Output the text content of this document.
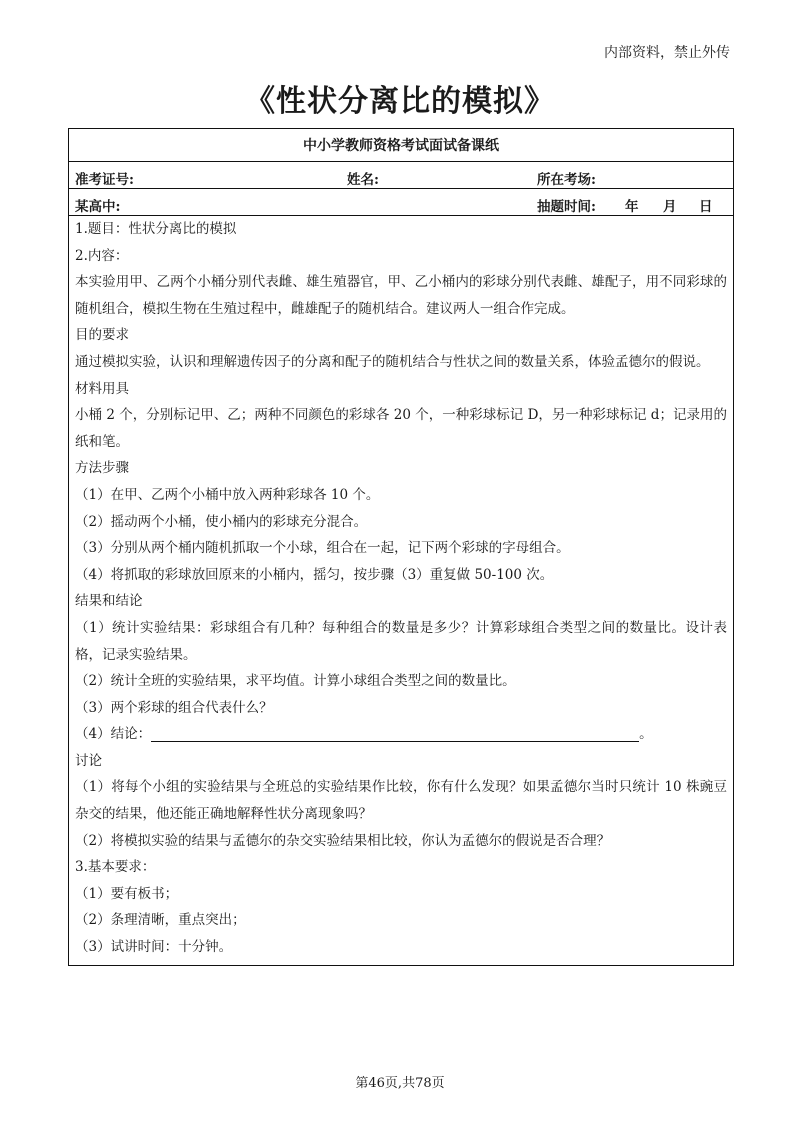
内部资料，禁止外传
《性状分离比的模拟》
中小学教师资格考试面试备课纸
准考证号:	姓名:	所在考场:
某高中:	抽题时间: 年 月 日
1.题目：性状分离比的模拟
2.内容：
本实验用甲、乙两个小桶分别代表雌、雄生殖器官，甲、乙小桶内的彩球分别代表雌、雄配子，用不同彩球的随机组合，模拟生物在生殖过程中，雌雄配子的随机结合。建议两人一组合作完成。
目的要求
通过模拟实验，认识和理解遗传因子的分离和配子的随机结合与性状之间的数量关系，体验孟德尔的假说。
材料用具
小桶 2 个，分别标记甲、乙；两种不同颜色的彩球各 20 个，一种彩球标记 D，另一种彩球标记 d；记录用的纸和笔。
方法步骤
（1）在甲、乙两个小桶中放入两种彩球各 10 个。
（2）摇动两个小桶，使小桶内的彩球充分混合。
（3）分别从两个桶内随机抓取一个小球，组合在一起，记下两个彩球的字母组合。
（4）将抓取的彩球放回原来的小桶内，摇匀，按步骤（3）重复做 50-100 次。
结果和结论
（1）统计实验结果：彩球组合有几种？每种组合的数量是多少？计算彩球组合类型之间的数量比。设计表格，记录实验结果。
（2）统计全班的实验结果，求平均值。计算小球组合类型之间的数量比。
（3）两个彩球的组合代表什么？
（4）结论：	。
讨论
（1）将每个小组的实验结果与全班总的实验结果作比较，你有什么发现？如果孟德尔当时只统计 10 株豌豆杂交的结果，他还能正确地解释性状分离现象吗？
（2）将模拟实验的结果与孟德尔的杂交实验结果相比较，你认为孟德尔的假说是否合理？
3.基本要求：
（1）要有板书；
（2）条理清晰，重点突出；
（3）试讲时间：十分钟。
第46页,共78页
